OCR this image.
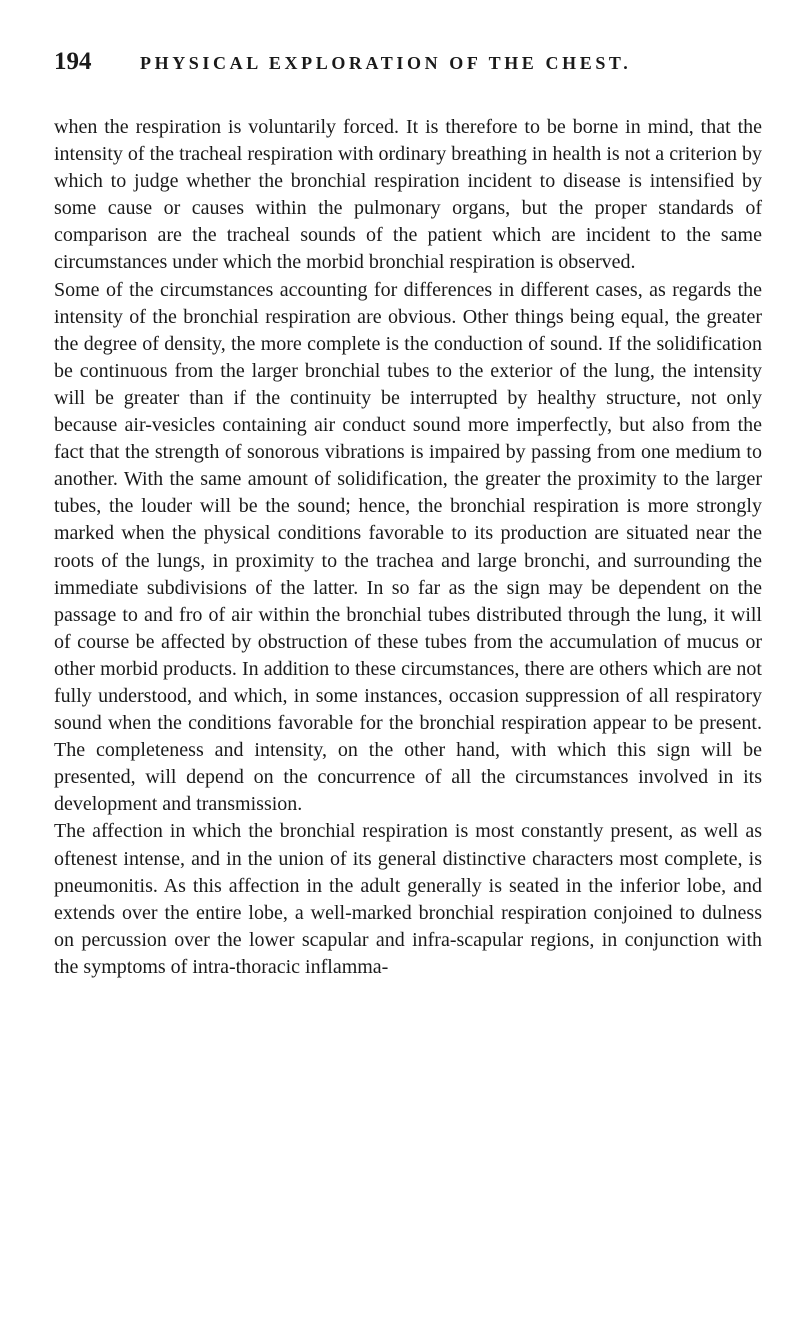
194	PHYSICAL EXPLORATION OF THE CHEST.

when the respiration is voluntarily forced. It is therefore to be borne in mind, that the intensity of the tracheal respiration with ordinary breathing in health is not a criterion by which to judge whether the bronchial respiration incident to disease is intensified by some cause or causes within the pulmonary organs, but the proper standards of comparison are the tracheal sounds of the patient which are incident to the same circumstances under which the morbid bronchial respiration is observed.

Some of the circumstances accounting for differences in different cases, as regards the intensity of the bronchial respiration are obvious. Other things being equal, the greater the degree of density, the more complete is the conduction of sound. If the solidification be continuous from the larger bronchial tubes to the exterior of the lung, the intensity will be greater than if the continuity be interrupted by healthy structure, not only because air-vesicles containing air conduct sound more imperfectly, but also from the fact that the strength of sonorous vibrations is impaired by passing from one medium to another. With the same amount of solidification, the greater the proximity to the larger tubes, the louder will be the sound; hence, the bronchial respiration is more strongly marked when the physical conditions favorable to its production are situated near the roots of the lungs, in proximity to the trachea and large bronchi, and surrounding the immediate subdivisions of the latter. In so far as the sign may be dependent on the passage to and fro of air within the bronchial tubes distributed through the lung, it will of course be affected by obstruction of these tubes from the accumulation of mucus or other morbid products. In addition to these circumstances, there are others which are not fully understood, and which, in some instances, occasion suppression of all respiratory sound when the conditions favorable for the bronchial respiration appear to be present. The completeness and intensity, on the other hand, with which this sign will be presented, will depend on the concurrence of all the circumstances involved in its development and transmission.

The affection in which the bronchial respiration is most constantly present, as well as oftenest intense, and in the union of its general distinctive characters most complete, is pneumonitis. As this affection in the adult generally is seated in the inferior lobe, and extends over the entire lobe, a well-marked bronchial respiration conjoined to dulness on percussion over the lower scapular and infra-scapular regions, in conjunction with the symptoms of intra-thoracic inflamma-
